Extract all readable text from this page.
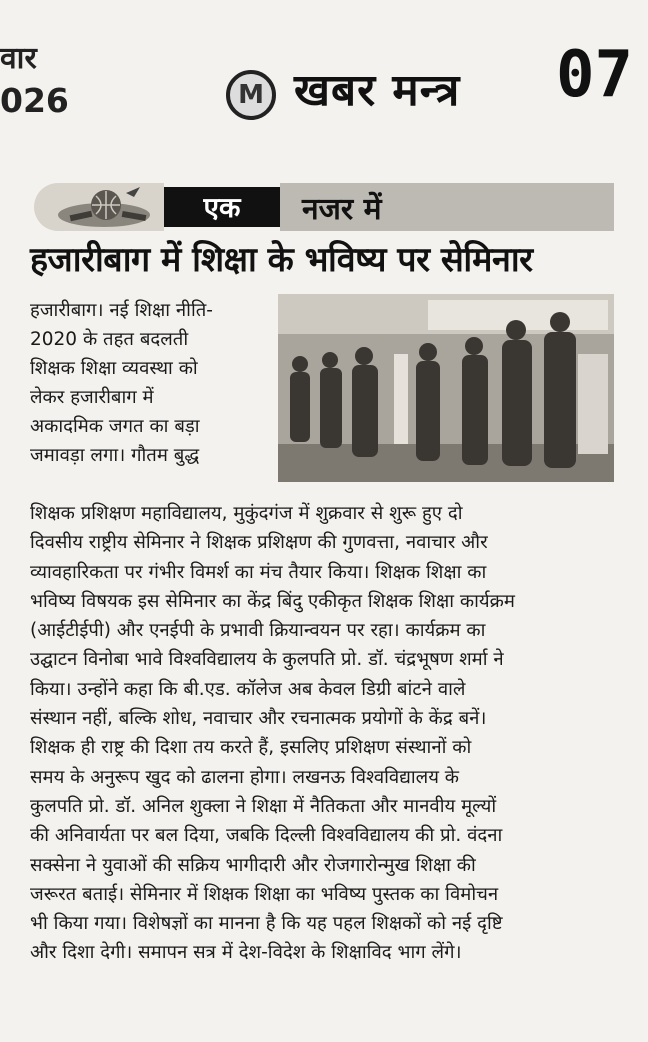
वार
026	M खबर मन्त्र 07
एक	नजर में
हजारीबाग में शिक्षा के भविष्य पर सेमिनार
हजारीबाग। नई शिक्षा नीति-
2020 के तहत बदलती
शिक्षक शिक्षा व्यवस्था को
लेकर हजारीबाग में
अकादमिक जगत का बड़ा
जमावड़ा लगा। गौतम बुद्ध
शिक्षक प्रशिक्षण महाविद्यालय, मुकुंदगंज में शुक्रवार से शुरू हुए दो
दिवसीय राष्ट्रीय सेमिनार ने शिक्षक प्रशिक्षण की गुणवत्ता, नवाचार और
व्यावहारिकता पर गंभीर विमर्श का मंच तैयार किया। शिक्षक शिक्षा का
भविष्य विषयक इस सेमिनार का केंद्र बिंदु एकीकृत शिक्षक शिक्षा कार्यक्रम
(आईटीईपी) और एनईपी के प्रभावी क्रियान्वयन पर रहा। कार्यक्रम का
उद्घाटन विनोबा भावे विश्वविद्यालय के कुलपति प्रो. डॉ. चंद्रभूषण शर्मा ने
किया। उन्होंने कहा कि बी.एड. कॉलेज अब केवल डिग्री बांटने वाले
संस्थान नहीं, बल्कि शोध, नवाचार और रचनात्मक प्रयोगों के केंद्र बनें।
शिक्षक ही राष्ट्र की दिशा तय करते हैं, इसलिए प्रशिक्षण संस्थानों को
समय के अनुरूप खुद को ढालना होगा। लखनऊ विश्वविद्यालय के
कुलपति प्रो. डॉ. अनिल शुक्ला ने शिक्षा में नैतिकता और मानवीय मूल्यों
की अनिवार्यता पर बल दिया, जबकि दिल्ली विश्वविद्यालय की प्रो. वंदना
सक्सेना ने युवाओं की सक्रिय भागीदारी और रोजगारोन्मुख शिक्षा की
जरूरत बताई। सेमिनार में शिक्षक शिक्षा का भविष्य पुस्तक का विमोचन
भी किया गया। विशेषज्ञों का मानना है कि यह पहल शिक्षकों को नई दृष्टि
और दिशा देगी। समापन सत्र में देश-विदेश के शिक्षाविद भाग लेंगे।
